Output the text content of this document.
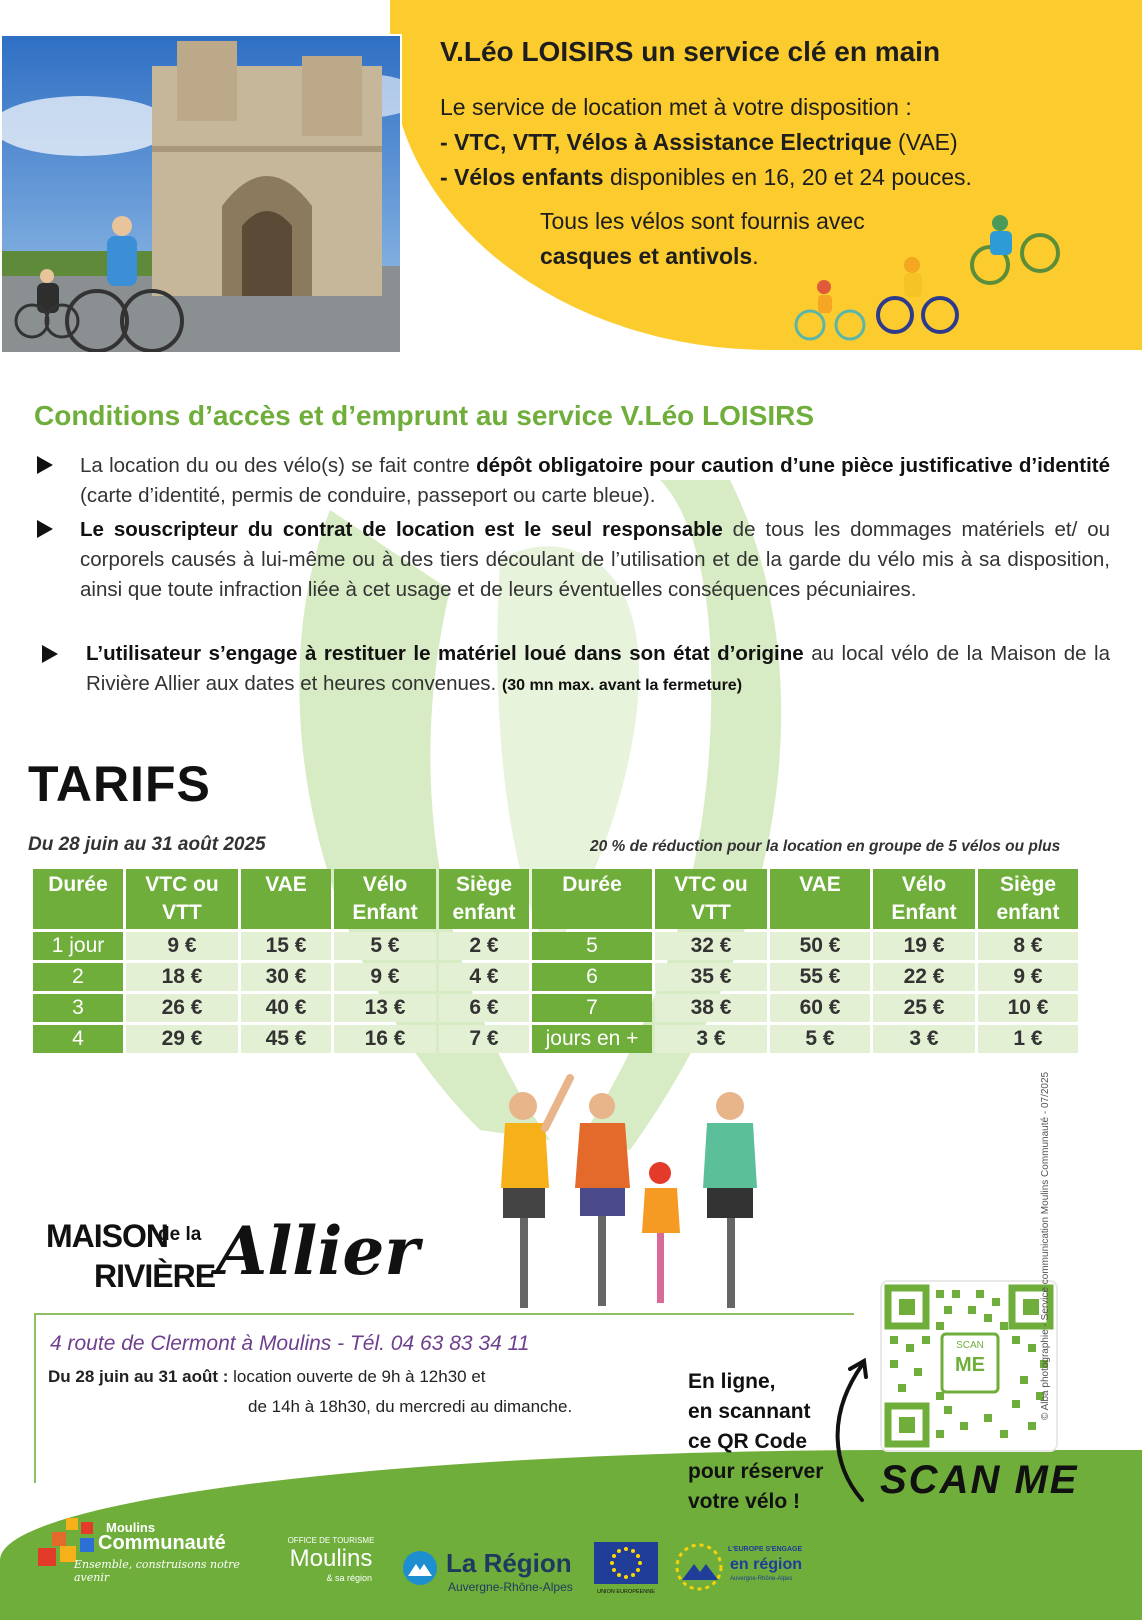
V.Léo LOISIRS un service clé en main
Le service de location met à votre disposition :
- VTC, VTT, Vélos à Assistance Electrique (VAE)
- Vélos enfants disponibles en 16, 20 et 24 pouces.
Tous les vélos sont fournis avec
casques et antivols.
Conditions d’accès et d’emprunt au service V.Léo LOISIRS
La location du ou des vélo(s) se fait contre dépôt obligatoire pour caution d’une pièce justificative d’identité (carte d’identité, permis de conduire, passeport ou carte bleue).
Le souscripteur du contrat de location est le seul responsable de tous les dommages matériels et/ ou corporels causés à lui-même ou à des tiers découlant de l’utilisation et de la garde du vélo mis à sa disposition, ainsi que toute infraction liée à cet usage et de leurs éventuelles conséquences pécuniaires.
L’utilisateur s’engage à restituer le matériel loué dans son état d’origine au local vélo de la Maison de la Rivière Allier aux dates et heures convenues. (30 mn max. avant la fermeture)
TARIFS
Du 28 juin au 31 août 2025	20 % de réduction pour la location en groupe de 5 vélos ou plus
Durée	VTC ou VTT	VAE	Vélo Enfant	Siège enfant	Durée	VTC ou VTT	VAE	Vélo Enfant	Siège enfant
1 jour	9 €	15 €	5 €	2 €	5	32 €	50 €	19 €	8 €
2	18 €	30 €	9 €	4 €	6	35 €	55 €	22 €	9 €
3	26 €	40 €	13 €	6 €	7	38 €	60 €	25 €	10 €
4	29 €	45 €	16 €	7 €	jours en +	3 €	5 €	3 €	1 €
MAISON
de la
RIVIÈRE Allier
4 route de Clermont à Moulins - Tél. 04 63 83 34 11
Du 28 juin au 31 août : location ouverte de 9h à 12h30 et
de 14h à 18h30, du mercredi au dimanche.
En ligne,
en scannant
ce QR Code
pour réserver
votre vélo !
SCAN
ME
SCAN ME
Moulins
Communauté
Ensemble, construisons notre avenir
OFFICE DE TOURISME
Moulins
& sa région	La Région
Auvergne-Rhône-Alpes	UNION EUROPÉENNE
L'EUROPE S'ENGAGE
en région
Auvergne-Rhône-Alpes
© Alba photographie - Service communication Moulins Communauté - 07/2025
